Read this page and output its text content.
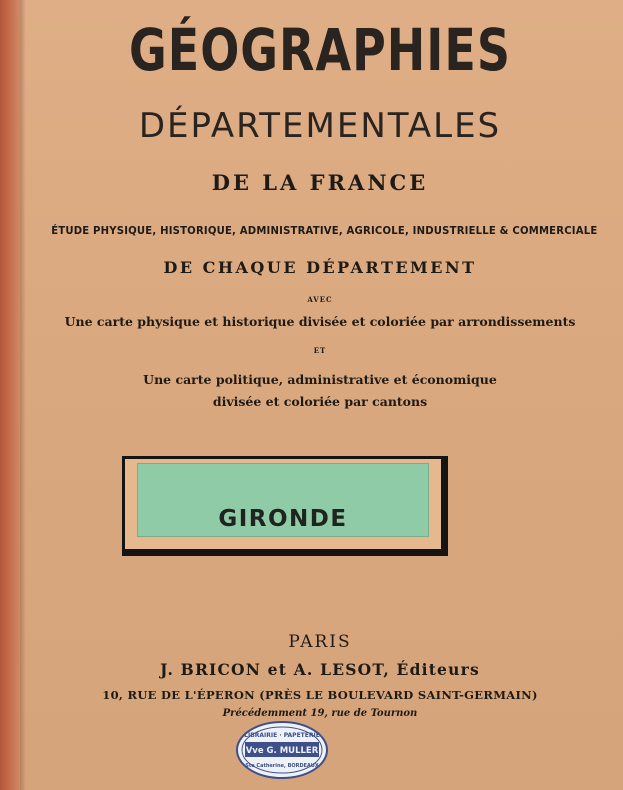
GÉOGRAPHIES
DÉPARTEMENTALES
DE LA FRANCE
ÉTUDE PHYSIQUE, HISTORIQUE, ADMINISTRATIVE, AGRICOLE, INDUSTRIELLE & COMMERCIALE
DE CHAQUE DÉPARTEMENT
AVEC
Une carte physique et historique divisée et coloriée par arrondissements
ET
Une carte politique, administrative et économique
divisée et coloriée par cantons
GIRONDE
PARIS
J. BRICON et A. LESOT, Éditeurs
10, RUE DE L'ÉPERON (PRÈS LE BOULEVARD SAINT-GERMAIN)
Précédemment 19, rue de Tournon
LIBRAIRIE · PAPETERIE
Vve G. MULLER
Ste Catherine, BORDEAUX
